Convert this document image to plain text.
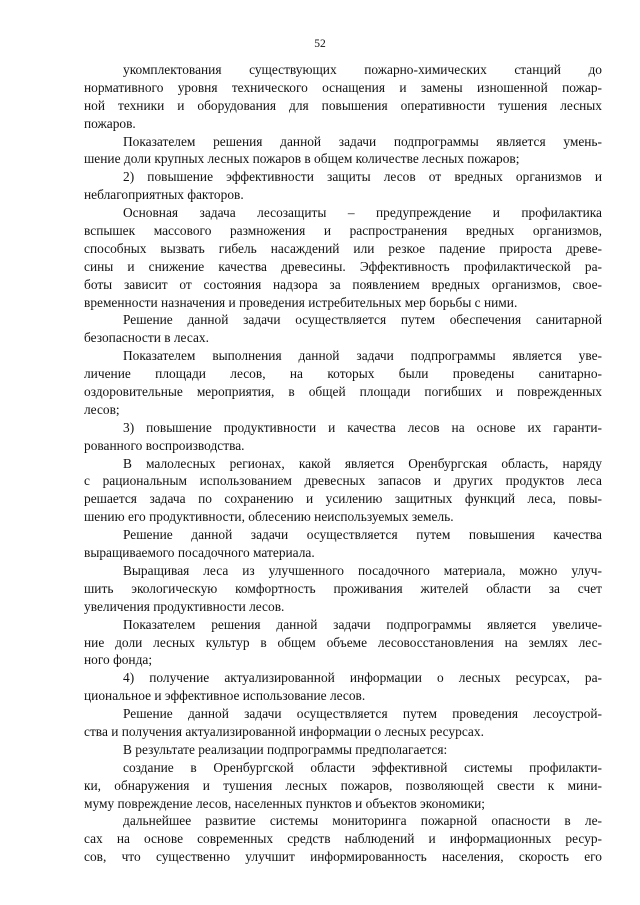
52
укомплектования существующих пожарно-химических станций до
нормативного уровня технического оснащения и замены изношенной пожар-
ной техники и оборудования для повышения оперативности тушения лесных
пожаров.
Показателем решения данной задачи подпрограммы является умень-
шение доли крупных лесных пожаров в общем количестве лесных пожаров;
2) повышение эффективности защиты лесов от вредных организмов и
неблагоприятных факторов.
Основная задача лесозащиты – предупреждение и профилактика
вспышек массового размножения и распространения вредных организмов,
способных вызвать гибель насаждений или резкое падение прироста древе-
сины и снижение качества древесины. Эффективность профилактической ра-
боты зависит от состояния надзора за появлением вредных организмов, свое-
временности назначения и проведения истребительных мер борьбы с ними.
Решение данной задачи осуществляется путем обеспечения санитарной
безопасности в лесах.
Показателем выполнения данной задачи подпрограммы является уве-
личение площади лесов, на которых были проведены санитарно-
оздоровительные мероприятия, в общей площади погибших и поврежденных
лесов;
3) повышение продуктивности и качества лесов на основе их гаранти-
рованного воспроизводства.
В малолесных регионах, какой является Оренбургская область, наряду
с рациональным использованием древесных запасов и других продуктов леса
решается задача по сохранению и усилению защитных функций леса, повы-
шению его продуктивности, облесению неиспользуемых земель.
Решение данной задачи осуществляется путем повышения качества
выращиваемого посадочного материала.
Выращивая леса из улучшенного посадочного материала, можно улуч-
шить экологическую комфортность проживания жителей области за счет
увеличения продуктивности лесов.
Показателем решения данной задачи подпрограммы является увеличе-
ние доли лесных культур в общем объеме лесовосстановления на землях лес-
ного фонда;
4) получение актуализированной информации о лесных ресурсах, ра-
циональное и эффективное использование лесов.
Решение данной задачи осуществляется путем проведения лесоустрой-
ства и получения актуализированной информации о лесных ресурсах.
В результате реализации подпрограммы предполагается:
создание в Оренбургской области эффективной системы профилакти-
ки, обнаружения и тушения лесных пожаров, позволяющей свести к мини-
муму повреждение лесов, населенных пунктов и объектов экономики;
дальнейшее развитие системы мониторинга пожарной опасности в ле-
сах на основе современных средств наблюдений и информационных ресур-
сов, что существенно улучшит информированность населения, скорость его
